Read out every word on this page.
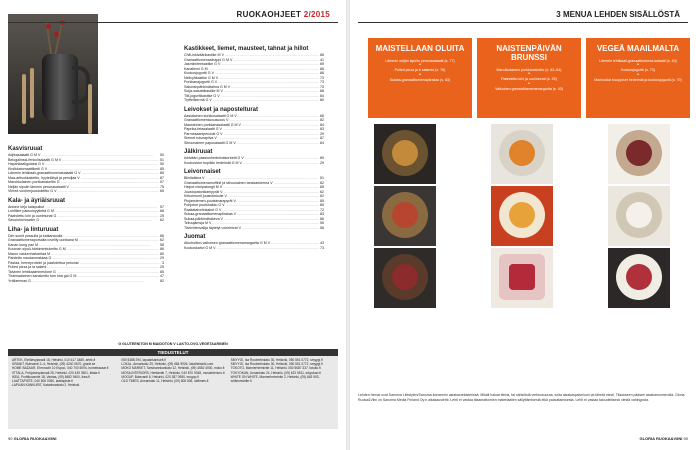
RUOKAOHJEET 2/2015
Kasvisruuat
Adjikasalaatti G M V .....	50
Belugalinssi-fenkolisalaatti G M V .....	51
Hapankaaligulassi G V .....	50
Kirsikkatomaattiketti G V .....	85
Lämmin lehtikaali-granaattiomenasalaatti G V .....	85
Maa-artisokkakeitto, hyytelöityä ja persiljaa V .....	87
Marokkolainen porkkanakeitto G .....	57
Neljän sipulin lämmin perunasalaatti V .....	75
Vihreä vuohenjuustokeitto G V .....	65
Kala- ja äyriäisruuat
Antone kirjo kalapuikot .....	57
Lohifilee paksoinyytteitä G M .....	68
Paahdettu lohi ja uunimunat G .....	25
Savulohichowder G .....	62
Liha- ja linturuuat
Dim sumit possulla ja katkaraoulla .....	66
Granaattiomenaporsaita loveilly uunikana M .....	62
Kanan kung pao M .....	58
Kuuman sipuli-härkiminttukeitto G M .....	86
Marun vaskenhalvaritaa M .....	80
Paistettu naudanmakkaa G .....	29
Pastaa, herneproteiin ja paahdettua pekonia .....	3
Pulled pizza ja la salami .....	25
Talvinen lehtikaalminestone G .....	85
Thaimaalainen kanakeitto tom kha gai G M .....	47
Yrttilammas G .....	82
Kastikkeet, liemet, mausteet, tahnat ja hillot
Chili-inkiväärikastike M V .....	66
Granaattiomenasiirappi G M V .....	41
Jasmiiniteekastike G V .....	69
Kanaliemi G M .....	86
Kookosjogurtti G V .....	86
Neilvyttkastike G M V .....	73
Porkkanajogurtti G V .....	73
Sakuranpähkinätahna G M V .....	75
Soija-wasabikastike M V .....	68
Tilli-jogurttikastike G V .....	84
Tryffelikermä G V .....	80
Leivokset ja napostelturat
Aasialainen kurkkusalaatti G M V .....	66
Granaattiomenacouscous V .....	82
Mausteinen porkkanasalaatti G M V .....	84
Paprika-fetasalaatti G V .....	83
Parmesaaniperunat G V .....	29
Siemet ruisnapiiva V .....	87
Sitruunainen papusalaatti G M V .....	84
Jälkiruuat
Inkivääri-passionhedelmäsorbetti G V .....	89
Kookosidut tropiikki hedelmät G M V .....	29
Leivonnaiset
Blinitaikina V .....	51
Granaattiomenamuffinit ja sitruunainen tanskankerma V .....	62
Helpot minipatongit M V .....	85
Juustopatonkiampyrät V .....	62
Kekoimunit juustokekulie V .....	62
Pinjansiemen-puutsimarapyrät V .....	85
Pohjoton puutskakku G V .....	85
Raakatalvelinkakut G V .....	72
Sukaa-granaattiomenapiirakas V .....	83
Sukaa-pähkinäbakeva V .....	86
Tekuujamsja M V .....	55
Tiiviivhlenvallja täytetyt voheleivat V .....	56
Juomat
Alkoholiton valkoinen granaattiomenamargarita G M V .....	43
Kookoskahvi G M V .....	73
G GLUTEENITON M MAIDOTON V LAKTO-OVO-VEGETAARINEN
TIEDUSTELUT
ARTEK, Eteläesplanadi 18, Helsinki, 010 617 3480, artek.fi
GRANIT, Bulevardi 2–4, Helsinki, (09) 4240 0670, granit.se
HOME BAZAAR, Ehrnrooth 10 Espoo, 040 700 5094, homebazaar.fi
IITTALA, Pohjoisesplanadi 25, Helsinki, 020 439 3501, iittala.fi
IKEA, Porttikuvantie 18, Vantaa, (09) 8482 9400, ikea.fi
LAATTAPISTE, 040 506 0050, laattapiste.fi
LAPUAN KANKURIT, Katariinankatu 2, Helsinki.
050 5388 294, lapuankankurit.fi
LOKAL, Annankatu 25, Helsinki, (09) 684 9926, lokalhelsinki.com
MOKO MARKET, Tarsinannkankatu 12, Helsinki, (09) 4582 4000, moko.fi
MOSA INTERIORS, Hertiantie 7, Helsinki, 040 870 9348, mosainteriors.fi
MOGUP, Bulevardi 6, Helsinki, 020 387 0980, mogup.fi
OLD TIMES, Annankatu 11, Helsinki, (09) 606 606, oldtimes.fi
SMYYGI, Isa Roobertinkatu 30, Helsinki, 050 551 0772, smyygi.fi
SMYYGI, Isa Roobertinkatu 30, Helsinki, 050 551 0772, smyygi.fi
TOKOTO, Mannerheimintie 11, Helsinki, 050 5687 337, tokoto.fi
TOKYOKAN, Annankatu 24, Helsinki, (09) 622 5511, tokyokan.fi
WHITE ON WHITE, Mannerheimintie 2, Helsinki, (09) 663 903, whiteonwhite.fi
90 GLORIA RUOKA&VIINI
3 MENUA LEHDEN SISÄLLÖSTÄ
MAISTELLAAN OLUITA
Lämmin neljän sipulin perunasalaatti (s. 77)
•
Pulled pizza ja b salamia (s. 76)
•
Suklaa-granaattiomenapiirakas (s. 83)
NAISTENPÄIVÄN BRUNSSI
Marokkolainen porkkanakeitto (s. 82–84)
•
Paahdettu lohi ja uunimunat (s. 25)
•
Valkoinen granaattiomenamargarita (s. 43)
VEGEÄ MAAILMALTA
Lämmin lehtikaali-granaattiomena-salaatti (s. 40)
•
Kookosjogurtti (s. 73)
•
Marinoidut trooppiset hedelmät ja kookosjogurtti (s. 79)
Lehden hinnat ovat Sanoma Lifestylen/Sanoma-konsernin asiakasrekisterissä. Mikäli haluat tietoa, tai sähköisiä verkkosuoraa, soita asiakaspalveluun tai lähetä viesti. Tilaukseen pääsee asiakasnumerolla. Gloria Ruoka&Viini on Sanoma Media Finland Oy:n aikakauslehti. Lehti ei vastaa tilaamattomien materiaalien säilyttämisestä eikä palauttamisesta. Lehti ei vastaa taloudellisesti viestä vahingosta.
GLORIA RUOKA&VIINI 90
